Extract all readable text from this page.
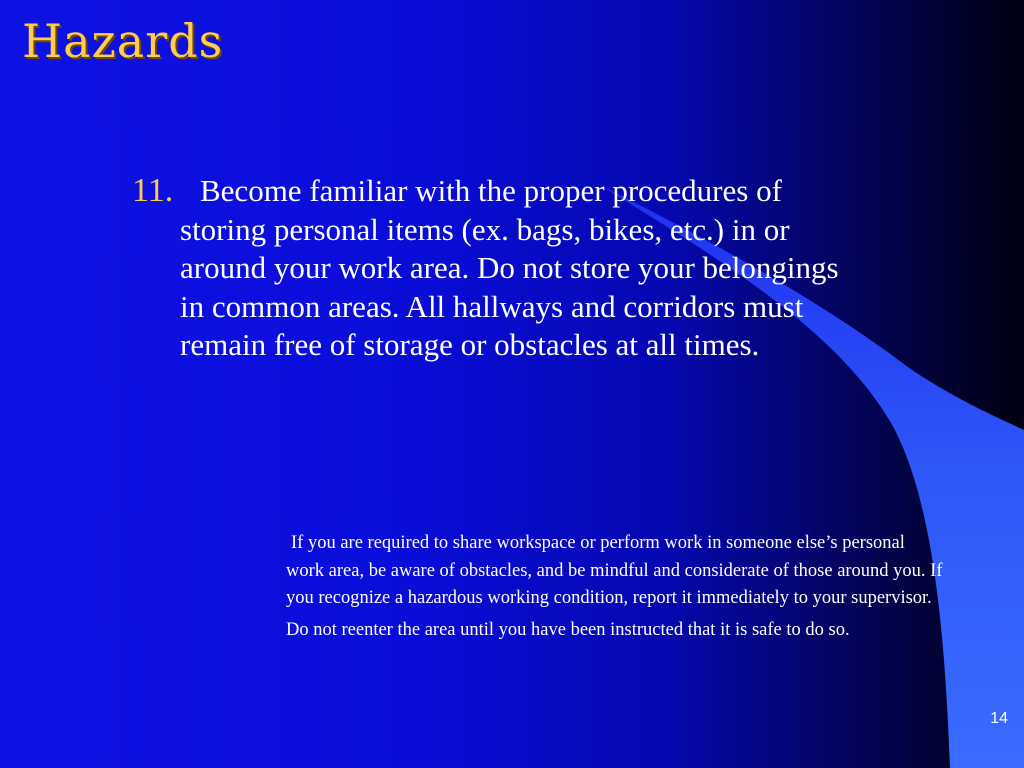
Hazards
11. Become familiar with the proper procedures of storing personal items (ex. bags, bikes, etc.) in or around your work area. Do not store your belongings in common areas. All hallways and corridors must remain free of storage or obstacles at all times.

If you are required to share workspace or perform work in someone else’s personal work area, be aware of obstacles, and be mindful and considerate of those around you. If you recognize a hazardous working condition, report it immediately to your supervisor.

Do not reenter the area until you have been instructed that it is safe to do so.

14
